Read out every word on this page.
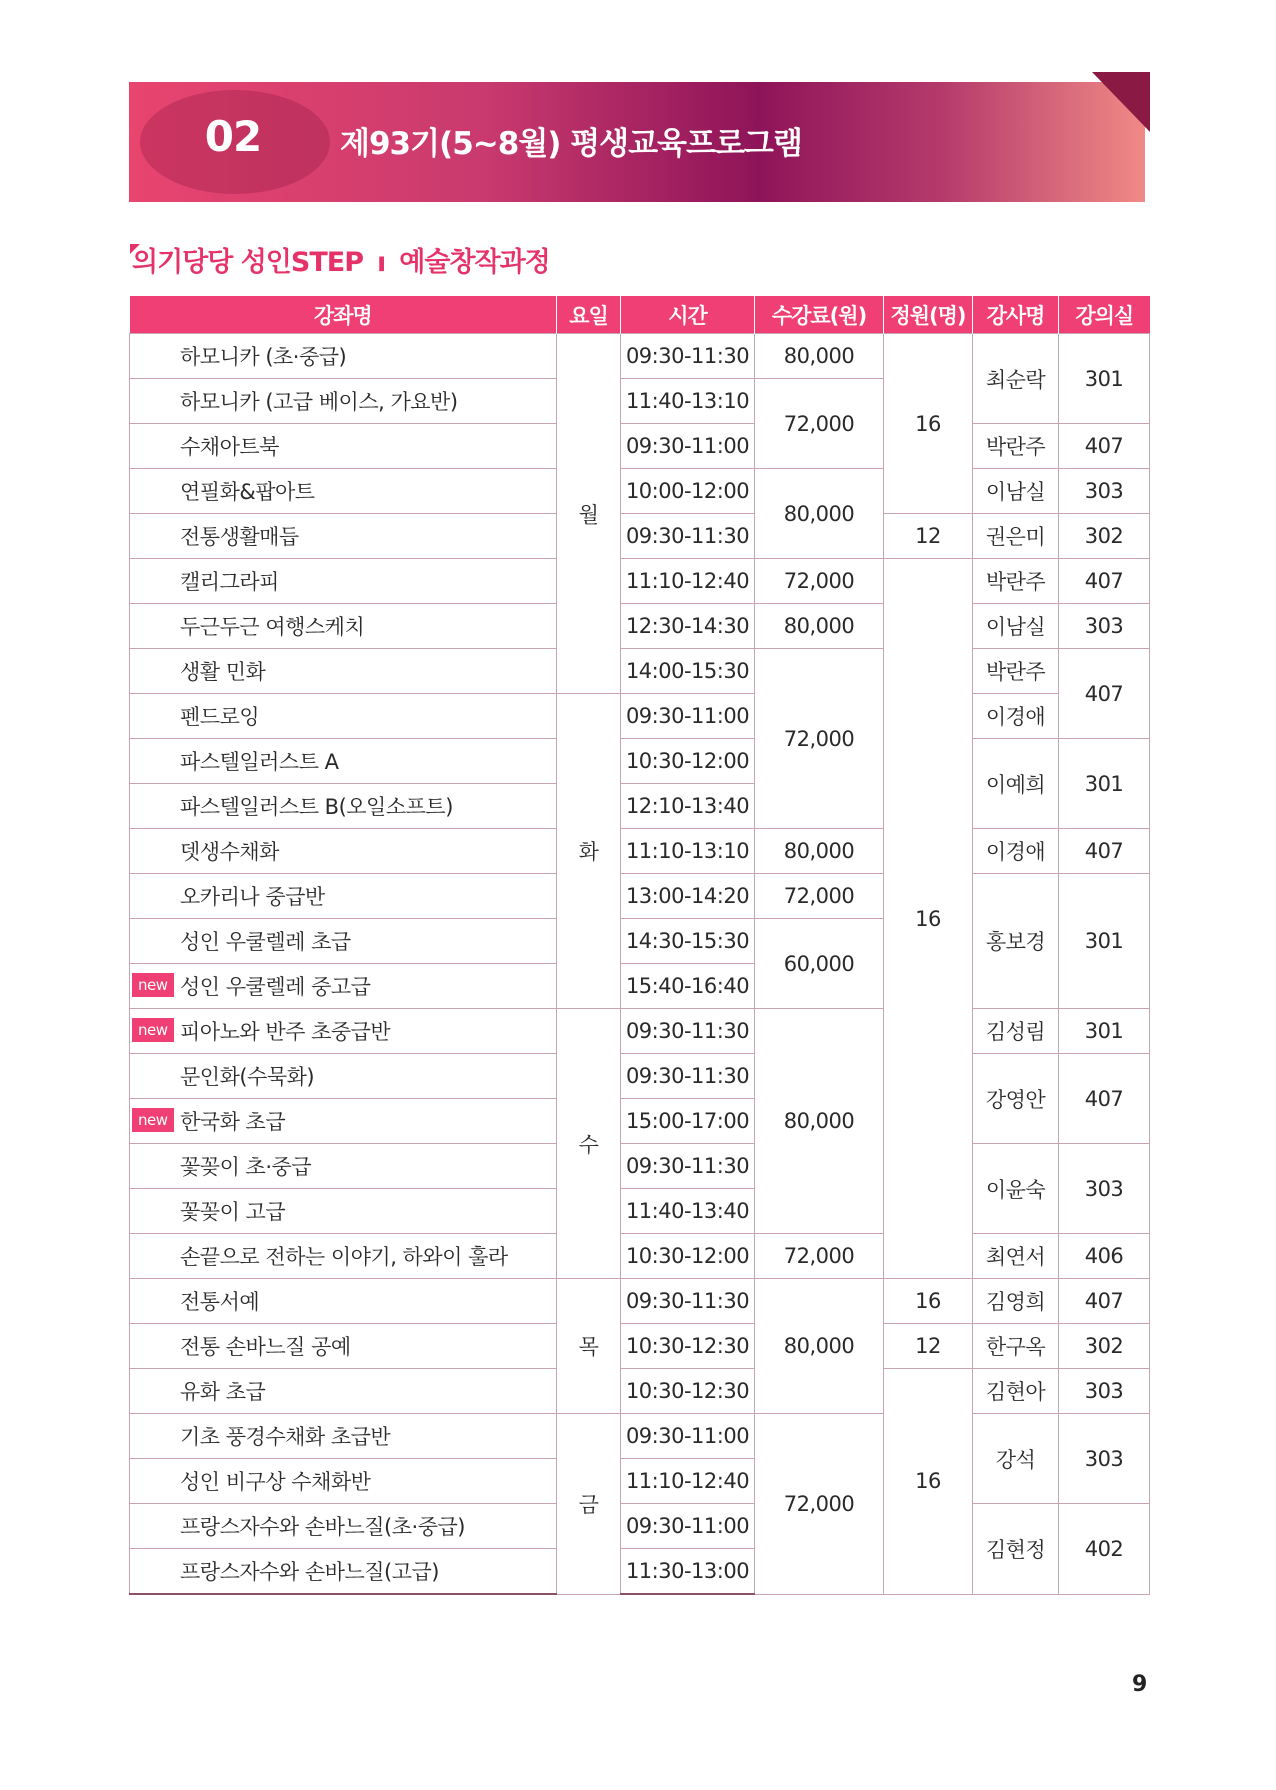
02	제93기(5~8월) 평생교육프로그램
의기당당 성인STEP ı 예술창작과정
강좌명	요일	시간	수강료(원)	정원(명)	강사명	강의실
하모니카 (초·중급)	월	09:30-11:30	80,000	16	최순락	301
하모니카 (고급 베이스, 가요반)		11:40-13:10	72,000			
수채아트북		09:30-11:00			박란주	407
연필화&팝아트		10:00-12:00	80,000		이남실	303
전통생활매듭		09:30-11:30		12	권은미	302
캘리그라피		11:10-12:40	72,000	16	박란주	407
두근두근 여행스케치		12:30-14:30	80,000		이남실	303
생활 민화		14:00-15:30	72,000		박란주	407
펜드로잉	화	09:30-11:00			이경애	
파스텔일러스트 A		10:30-12:00			이예희	301
파스텔일러스트 B(오일소프트)		12:10-13:40				
뎃생수채화		11:10-13:10	80,000		이경애	407
오카리나 중급반		13:00-14:20	72,000		홍보경	301
성인 우쿨렐레 초급		14:30-15:30	60,000			

new 성인 우쿨렐레 중고급		15:40-16:40				

new 피아노와 반주 초중급반	수	09:30-11:30	80,000		김성림	301
문인화(수묵화)		09:30-11:30			강영안	407

new 한국화 초급		15:00-17:00				
꽃꽂이 초·중급		09:30-11:30			이윤숙	303
꽃꽂이 고급		11:40-13:40				
손끝으로 전하는 이야기, 하와이 훌라		10:30-12:00	72,000		최연서	406
전통서예	목	09:30-11:30	80,000	16	김영희	407
전통 손바느질 공예		10:30-12:30		12	한구옥	302
유화 초급		10:30-12:30		16	김현아	303
기초 풍경수채화 초급반	금	09:30-11:00	72,000		강석	303
성인 비구상 수채화반		11:10-12:40				
프랑스자수와 손바느질(초·중급)		09:30-11:00			김현정	402
프랑스자수와 손바느질(고급)		11:30-13:00				
9
